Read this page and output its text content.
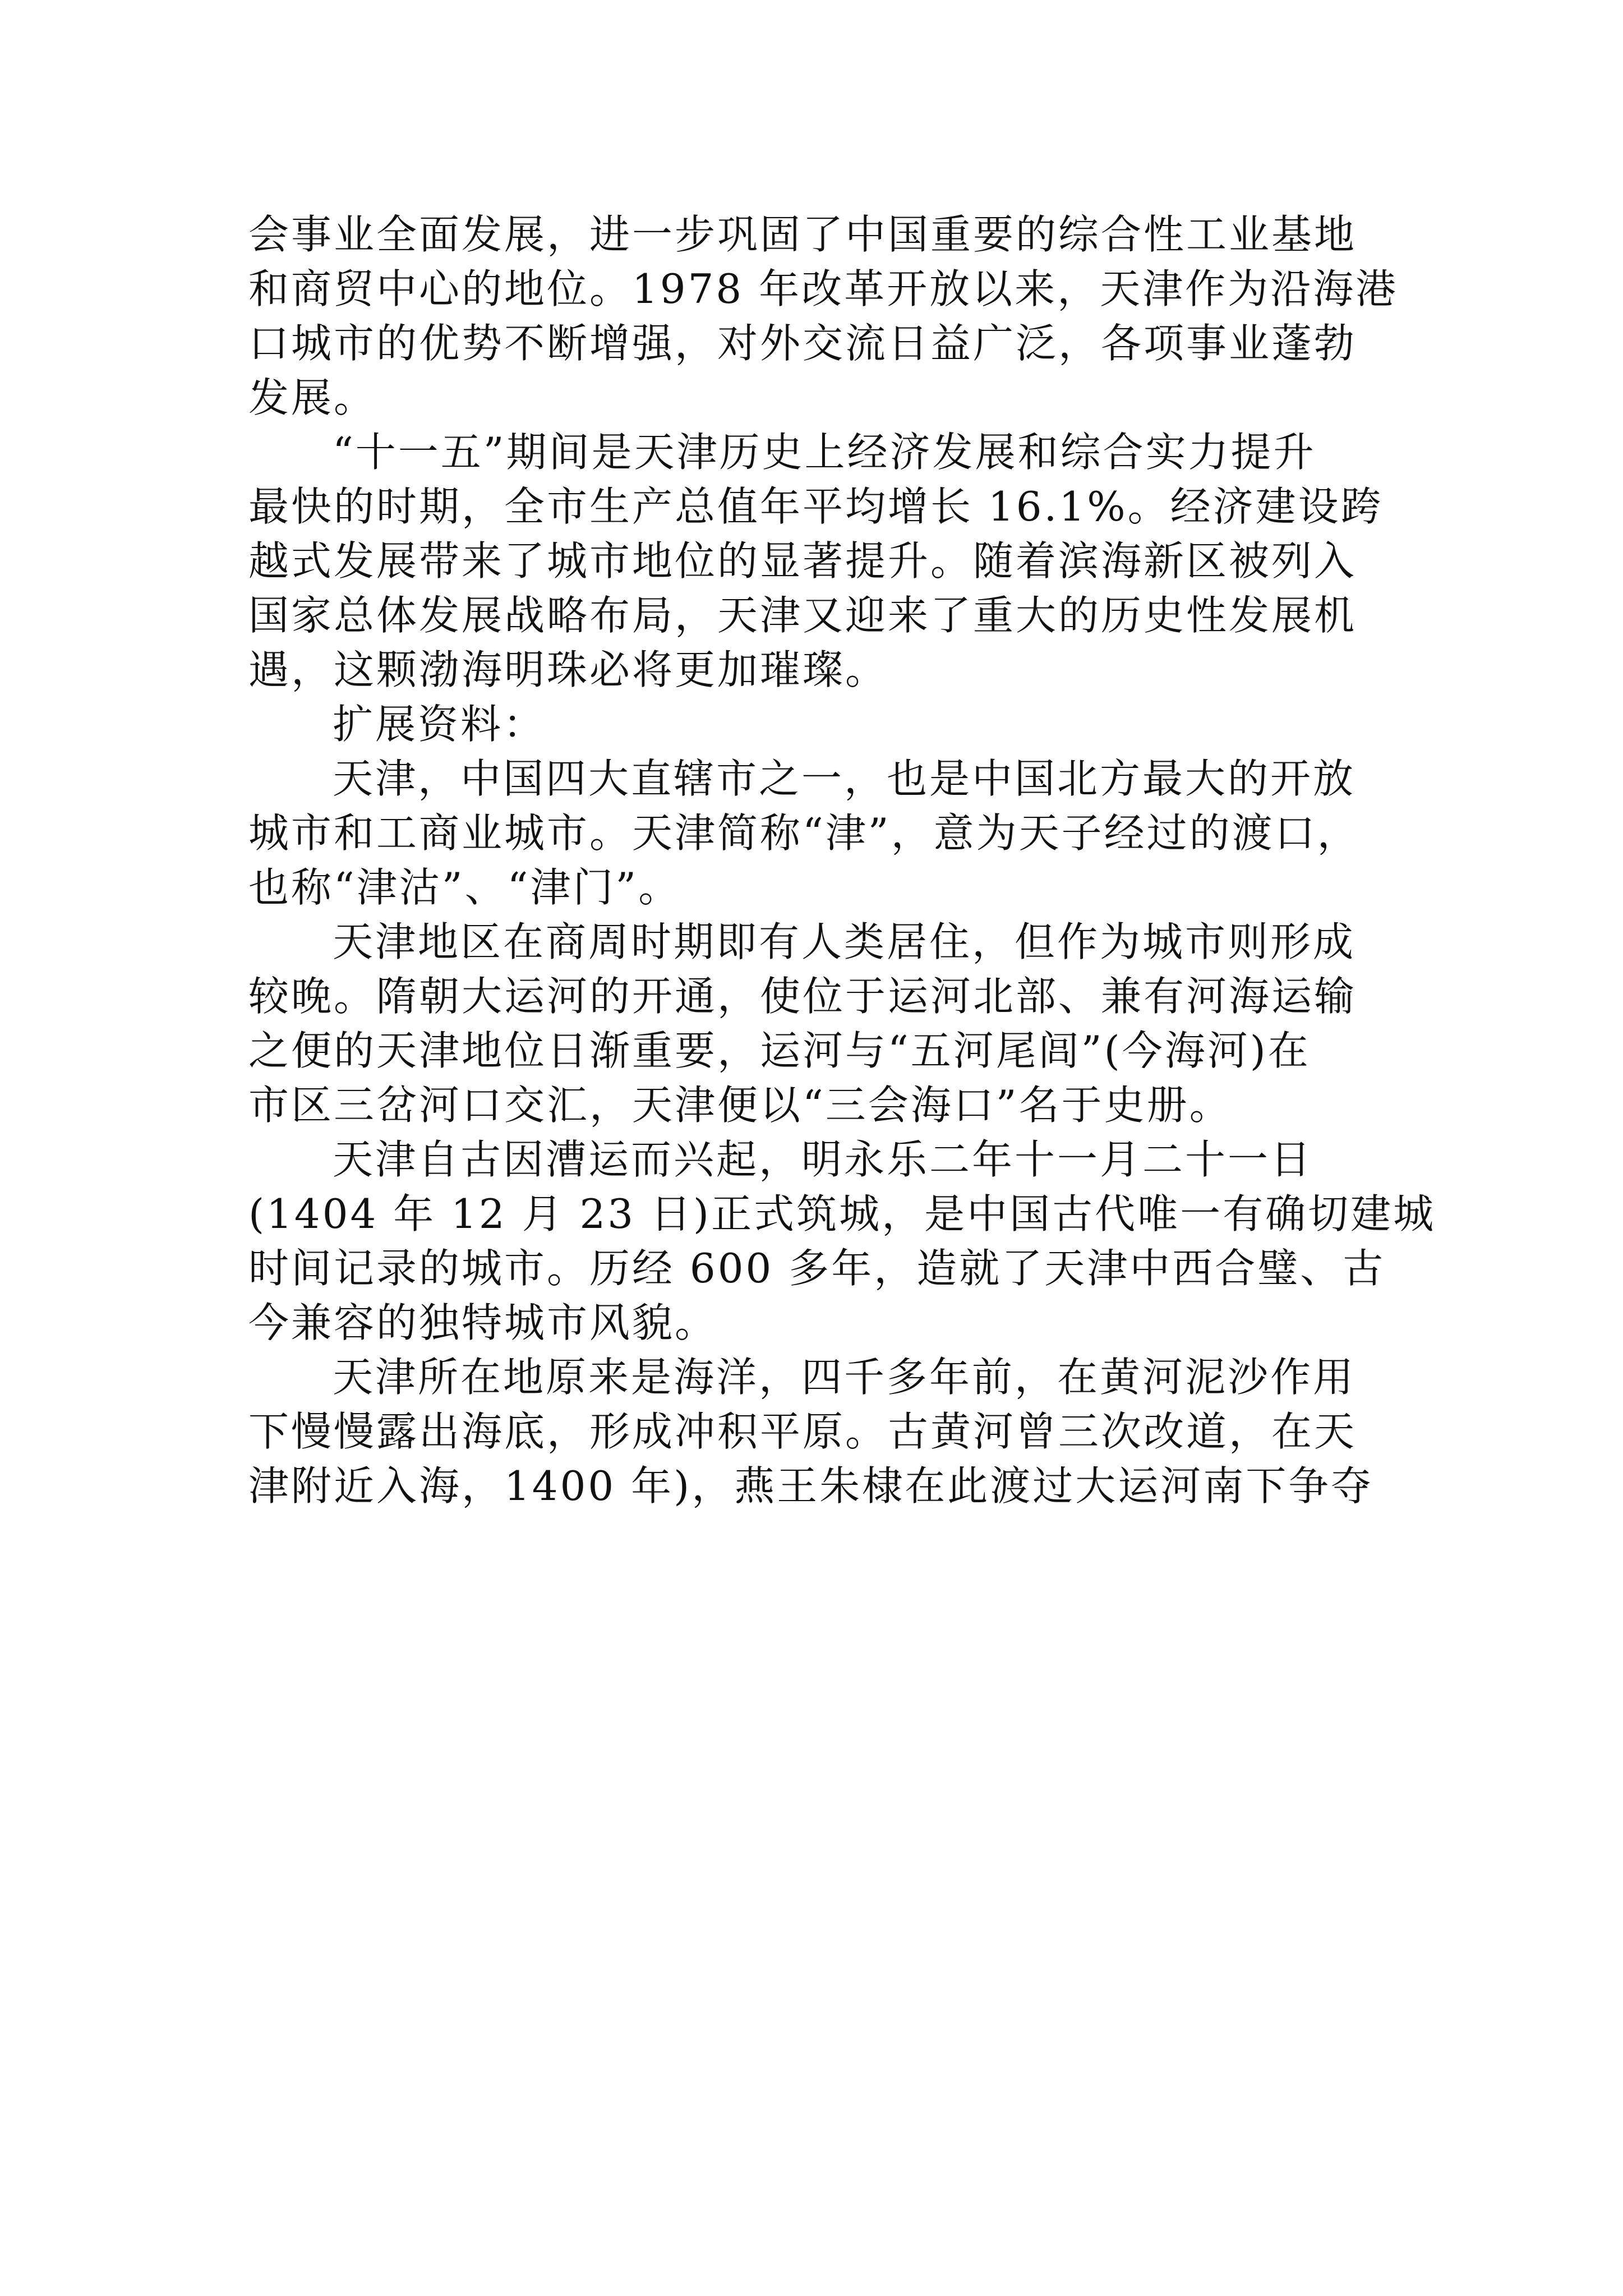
会事业全面发展，进一步巩固了中国重要的综合性工业基地
和商贸中心的地位。1978 年改革开放以来，天津作为沿海港
口城市的优势不断增强，对外交流日益广泛，各项事业蓬勃
发展。
“十一五”期间是天津历史上经济发展和综合实力提升
最快的时期，全市生产总值年平均增长 16.1%。经济建设跨
越式发展带来了城市地位的显著提升。随着滨海新区被列入
国家总体发展战略布局，天津又迎来了重大的历史性发展机
遇，这颗渤海明珠必将更加璀璨。
扩展资料：
天津，中国四大直辖市之一，也是中国北方最大的开放
城市和工商业城市。天津简称“津”，意为天子经过的渡口，
也称“津沽”、“津门”。
天津地区在商周时期即有人类居住，但作为城市则形成
较晚。隋朝大运河的开通，使位于运河北部、兼有河海运输
之便的天津地位日渐重要，运河与“五河尾闾”(今海河)在
市区三岔河口交汇，天津便以“三会海口”名于史册。
天津自古因漕运而兴起，明永乐二年十一月二十一日
(1404 年 12 月 23 日)正式筑城，是中国古代唯一有确切建城
时间记录的城市。历经 600 多年，造就了天津中西合璧、古
今兼容的独特城市风貌。
天津所在地原来是海洋，四千多年前，在黄河泥沙作用
下慢慢露出海底，形成冲积平原。古黄河曾三次改道，在天
津附近入海，1400 年)，燕王朱棣在此渡过大运河南下争夺
